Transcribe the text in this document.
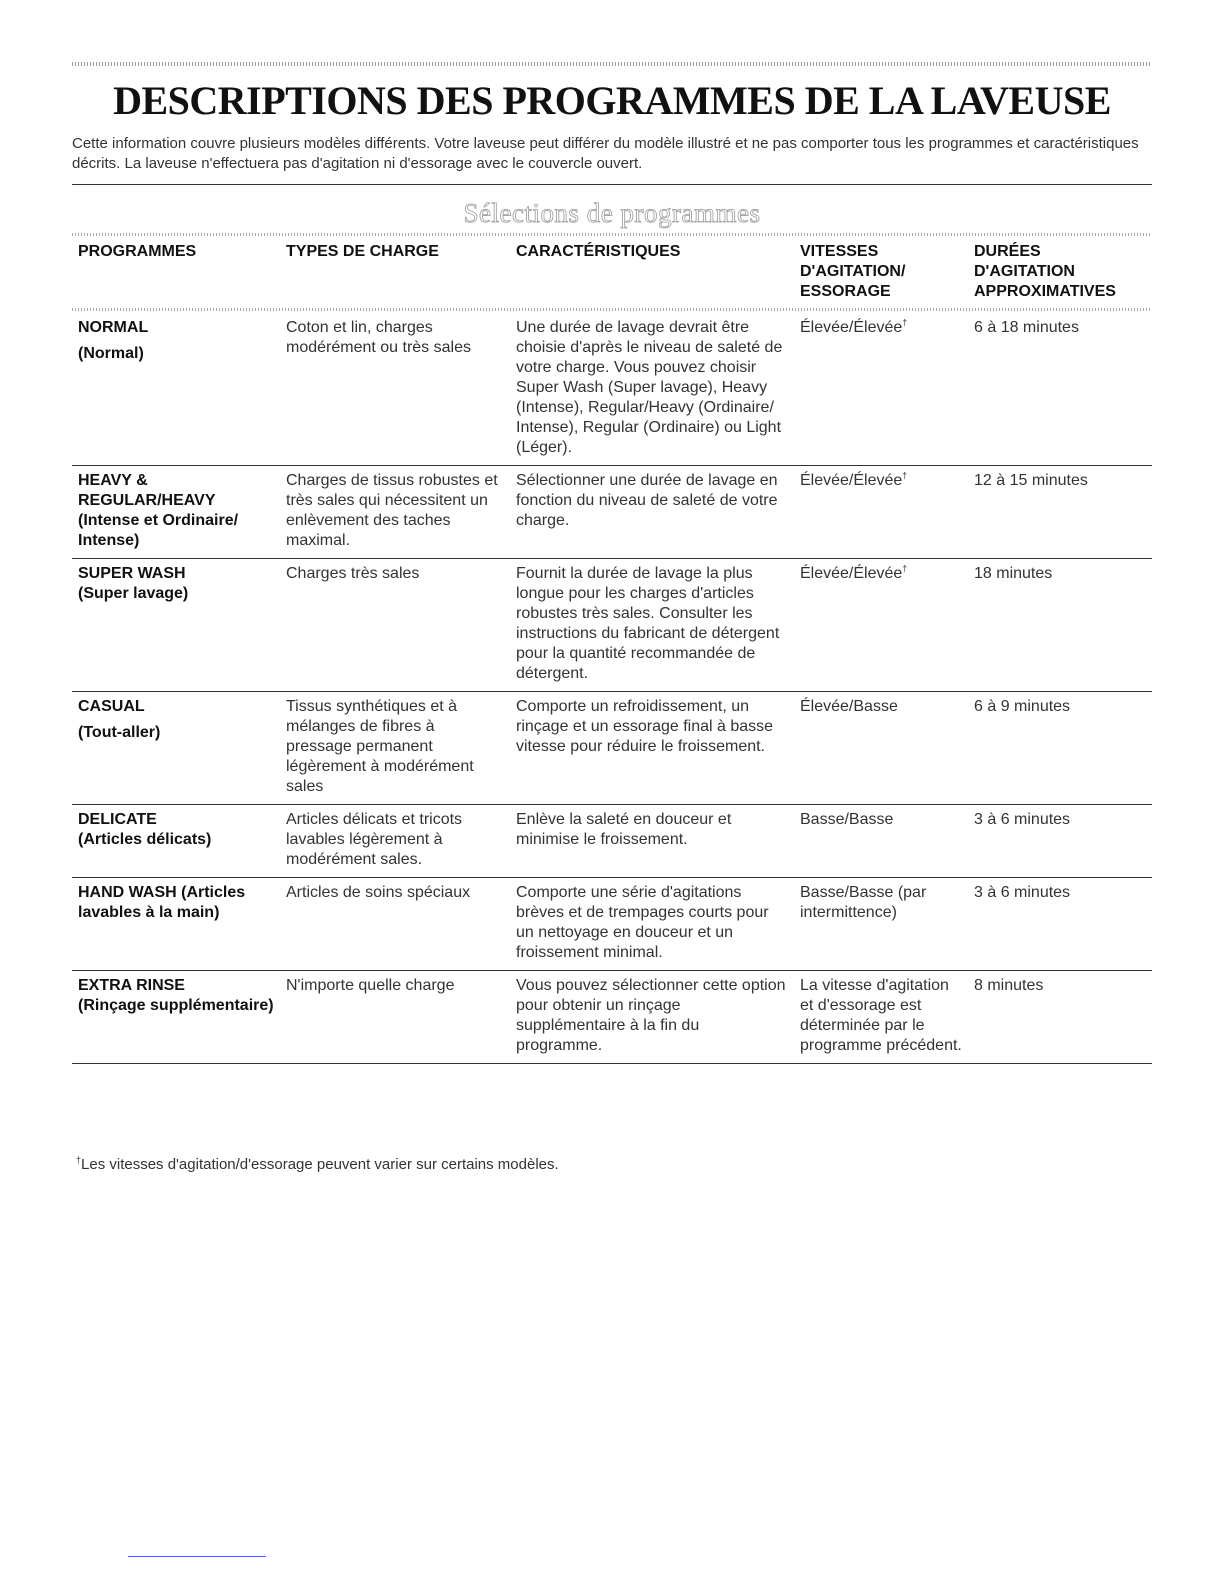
DESCRIPTIONS DES PROGRAMMES DE LA LAVEUSE

Cette information couvre plusieurs modèles différents. Votre laveuse peut différer du modèle illustré et ne pas comporter tous les programmes et caractéristiques décrits. La laveuse n'effectuera pas d'agitation ni d'essorage avec le couvercle ouvert.

Sélections de programmes
PROGRAMMES	TYPES DE CHARGE	CARACTÉRISTIQUES	VITESSES D'AGITATION/ ESSORAGE	DURÉES D'AGITATION APPROXIMATIVES

NORMAL
(Normal)	Coton et lin, charges modérément ou très sales	Une durée de lavage devrait être choisie d'après le niveau de saleté de votre charge. Vous pouvez choisir Super Wash (Super lavage), Heavy (Intense), Regular/Heavy (Ordinaire/ Intense), Regular (Ordinaire) ou Light (Léger).	Élevée/Élevée†	6 à 18 minutes

HEAVY & REGULAR/HEAVY
(Intense et Ordinaire/ Intense)	Charges de tissus robustes et très sales qui nécessitent un enlèvement des taches maximal.	Sélectionner une durée de lavage en fonction du niveau de saleté de votre charge.	Élevée/Élevée†	12 à 15 minutes

SUPER WASH
(Super lavage)	Charges très sales	Fournit la durée de lavage la plus longue pour les charges d'articles robustes très sales. Consulter les instructions du fabricant de détergent pour la quantité recommandée de détergent.	Élevée/Élevée†	18 minutes

CASUAL
(Tout-aller)	Tissus synthétiques et à mélanges de fibres à pressage permanent légèrement à modérément sales	Comporte un refroidissement, un rinçage et un essorage final à basse vitesse pour réduire le froissement.	Élevée/Basse	6 à 9 minutes

DELICATE
(Articles délicats)	Articles délicats et tricots lavables légèrement à modérément sales.	Enlève la saleté en douceur et minimise le froissement.	Basse/Basse	3 à 6 minutes

HAND WASH (Articles lavables à la main)	Articles de soins spéciaux	Comporte une série d'agitations brèves et de trempages courts pour un nettoyage en douceur et un froissement minimal.	Basse/Basse (par intermittence)	3 à 6 minutes

EXTRA RINSE
(Rinçage supplémentaire)	N'importe quelle charge	Vous pouvez sélectionner cette option pour obtenir un rinçage supplémentaire à la fin du programme.	La vitesse d'agitation et d'essorage est déterminée par le programme précédent.	8 minutes
†Les vitesses d'agitation/d'essorage peuvent varier sur certains modèles.
